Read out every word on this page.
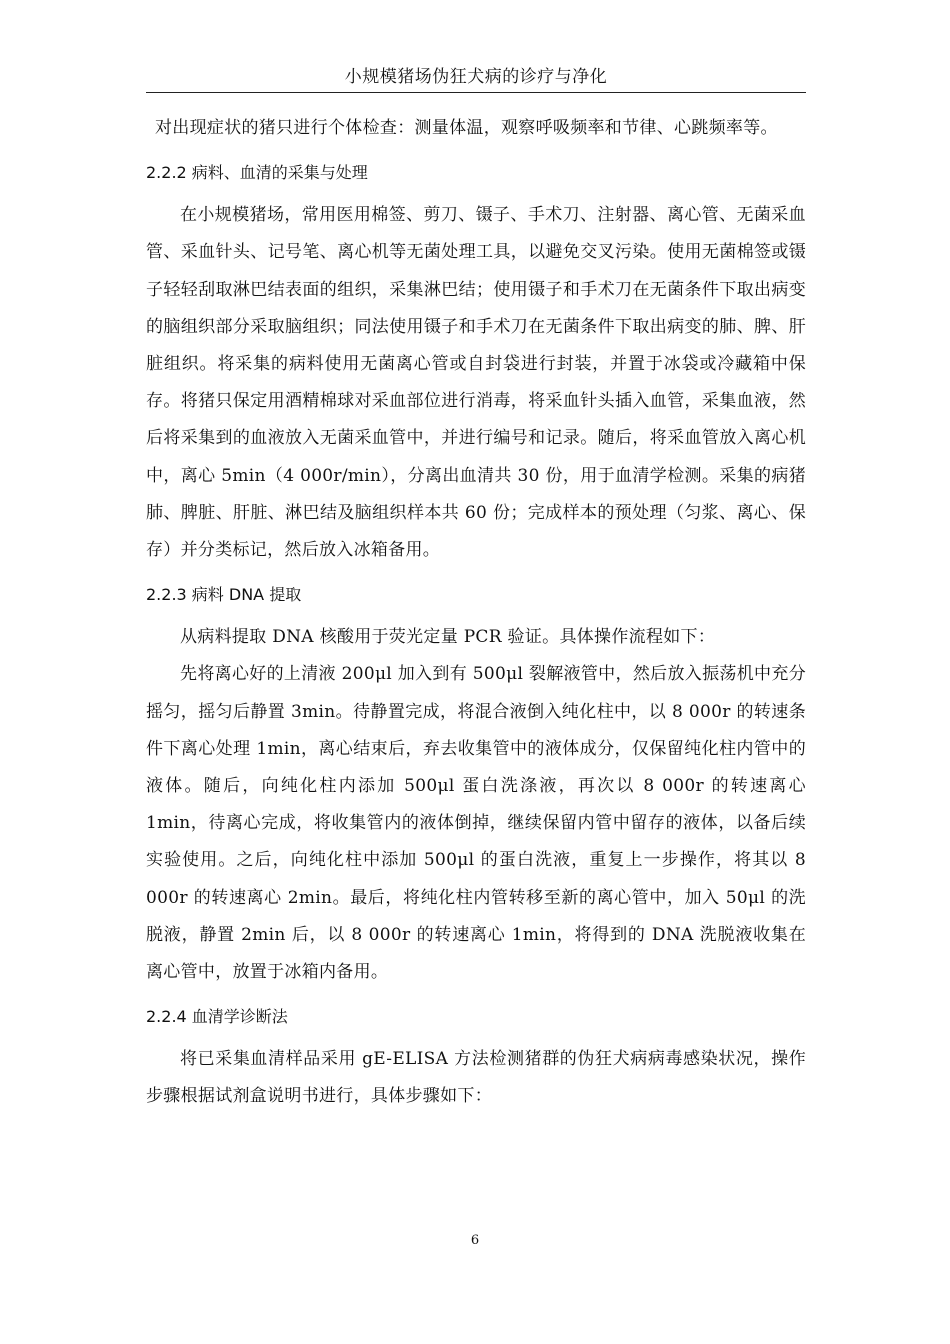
小规模猪场伪狂犬病的诊疗与净化

对出现症状的猪只进行个体检查：测量体温，观察呼吸频率和节律、心跳频率等。

2.2.2 病料、血清的采集与处理

在小规模猪场，常用医用棉签、剪刀、镊子、手术刀、注射器、离心管、无菌采血管、采血针头、记号笔、离心机等无菌处理工具，以避免交叉污染。使用无菌棉签或镊子轻轻刮取淋巴结表面的组织，采集淋巴结；使用镊子和手术刀在无菌条件下取出病变的脑组织部分采取脑组织；同法使用镊子和手术刀在无菌条件下取出病变的肺、脾、肝脏组织。将采集的病料使用无菌离心管或自封袋进行封装，并置于冰袋或冷藏箱中保存。将猪只保定用酒精棉球对采血部位进行消毒，将采血针头插入血管，采集血液，然后将采集到的血液放入无菌采血管中，并进行编号和记录。随后，将采血管放入离心机中，离心 5min（4 000r/min），分离出血清共 30 份，用于血清学检测。采集的病猪肺、脾脏、肝脏、淋巴结及脑组织样本共 60 份；完成样本的预处理（匀浆、离心、保存）并分类标记，然后放入冰箱备用。

2.2.3 病料 DNA 提取

从病料提取 DNA 核酸用于荧光定量 PCR 验证。具体操作流程如下：

先将离心好的上清液 200μl 加入到有 500μl 裂解液管中，然后放入振荡机中充分摇匀，摇匀后静置 3min。待静置完成，将混合液倒入纯化柱中，以 8 000r 的转速条件下离心处理 1min，离心结束后，弃去收集管中的液体成分，仅保留纯化柱内管中的液体。随后，向纯化柱内添加 500μl 蛋白洗涤液，再次以 8 000r 的转速离心 1min，待离心完成，将收集管内的液体倒掉，继续保留内管中留存的液体，以备后续实验使用。之后，向纯化柱中添加 500μl 的蛋白洗液，重复上一步操作，将其以 8 000r 的转速离心 2min。最后，将纯化柱内管转移至新的离心管中，加入 50μl 的洗脱液，静置 2min 后，以 8 000r 的转速离心 1min，将得到的 DNA 洗脱液收集在离心管中，放置于冰箱内备用。

2.2.4 血清学诊断法

将已采集血清样品采用 gE-ELISA 方法检测猪群的伪狂犬病病毒感染状况，操作步骤根据试剂盒说明书进行，具体步骤如下：

6
